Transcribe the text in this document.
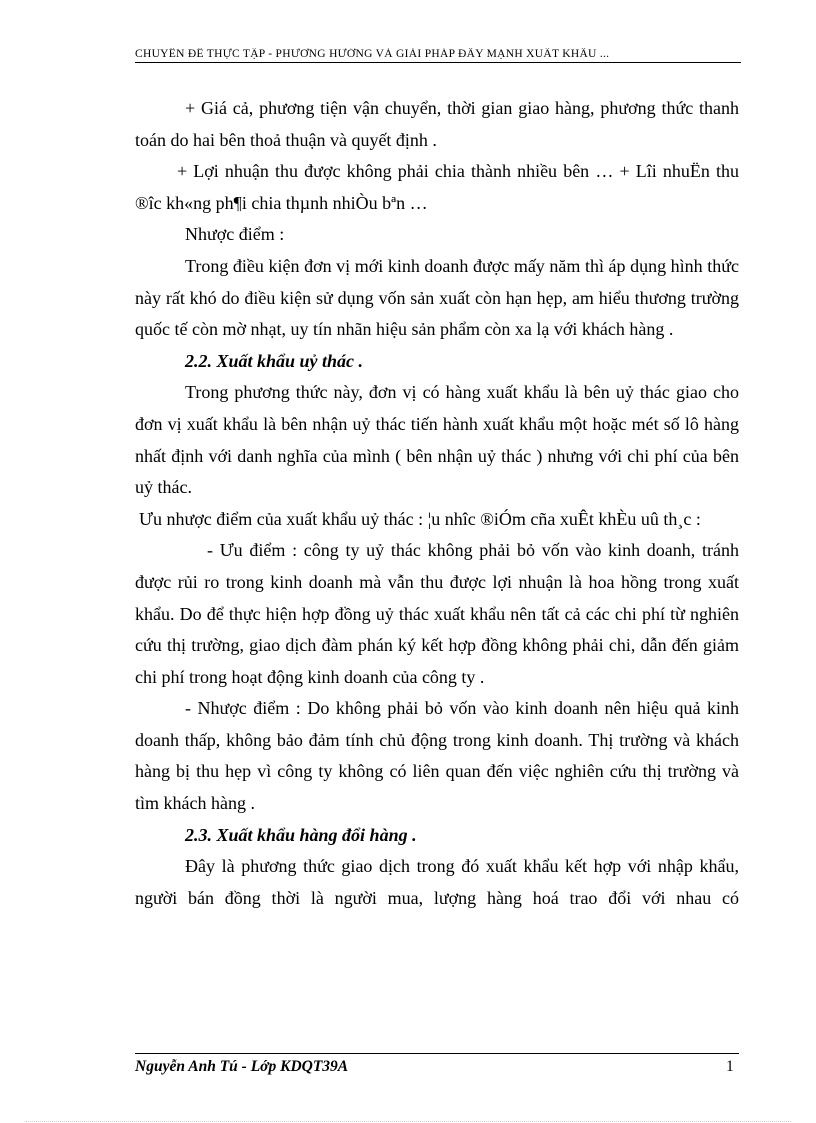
CHUYÊN ĐỀ THỰC TẬP - PHƯƠNG HƯỚNG VÀ GIẢI PHÁP ĐẨY MẠNH XUẤT KHẨU ...

+ Giá cả, phương tiện vận chuyển, thời gian giao hàng, phương thức thanh toán do hai bên thoả thuận và quyết định .

+ Lợi nhuận thu được không phải chia thành nhiều bên … + Lîi nhuËn thu ®îc kh«ng ph¶i chia thµnh nhiÒu bªn …

Nhược điểm :

Trong điều kiện đơn vị mới kinh doanh được mấy năm thì áp dụng hình thức này rất khó do điều kiện sử dụng vốn sản xuất còn hạn hẹp, am hiểu thương trường quốc tế còn mờ nhạt, uy tín nhãn hiệu sản phẩm còn xa lạ với khách hàng .

2.2. Xuất khẩu uỷ thác .

Trong phương thức này, đơn vị có hàng xuất khẩu là bên uỷ thác giao cho đơn vị xuất khẩu là bên nhận uỷ thác tiến hành xuất khẩu một hoặc mét số lô hàng nhất định với danh nghĩa của mình ( bên nhận uỷ thác ) nhưng với chi phí của bên uỷ thác.

Ưu nhược điểm của xuất khẩu uỷ thác : ¦u nhîc ®iÓm cña xuÊt khÈu uû th¸c :

- Ưu điểm : công ty uỷ thác không phải bỏ vốn vào kinh doanh, tránh được rủi ro trong kinh doanh mà vẫn thu được lợi nhuận là hoa hồng trong xuất khẩu. Do để thực hiện hợp đồng uỷ thác xuất khẩu nên tất cả các chi phí từ nghiên cứu thị trường, giao dịch đàm phán ký kết hợp đồng không phải chi, dẫn đến giảm chi phí trong hoạt động kinh doanh của công ty .

- Nhược điểm : Do không phải bỏ vốn vào kinh doanh nên hiệu quả kinh doanh thấp, không bảo đảm tính chủ động trong kinh doanh. Thị trường và khách hàng bị thu hẹp vì công ty không có liên quan đến việc nghiên cứu thị trường và tìm khách hàng .

2.3. Xuất khẩu hàng đổi hàng .

Đây là phương thức giao dịch trong đó xuất khẩu kết hợp với nhập khẩu, người bán đồng thời là người mua, lượng hàng hoá trao đổi với nhau có

Nguyễn Anh Tú - Lớp KDQT39A	1
